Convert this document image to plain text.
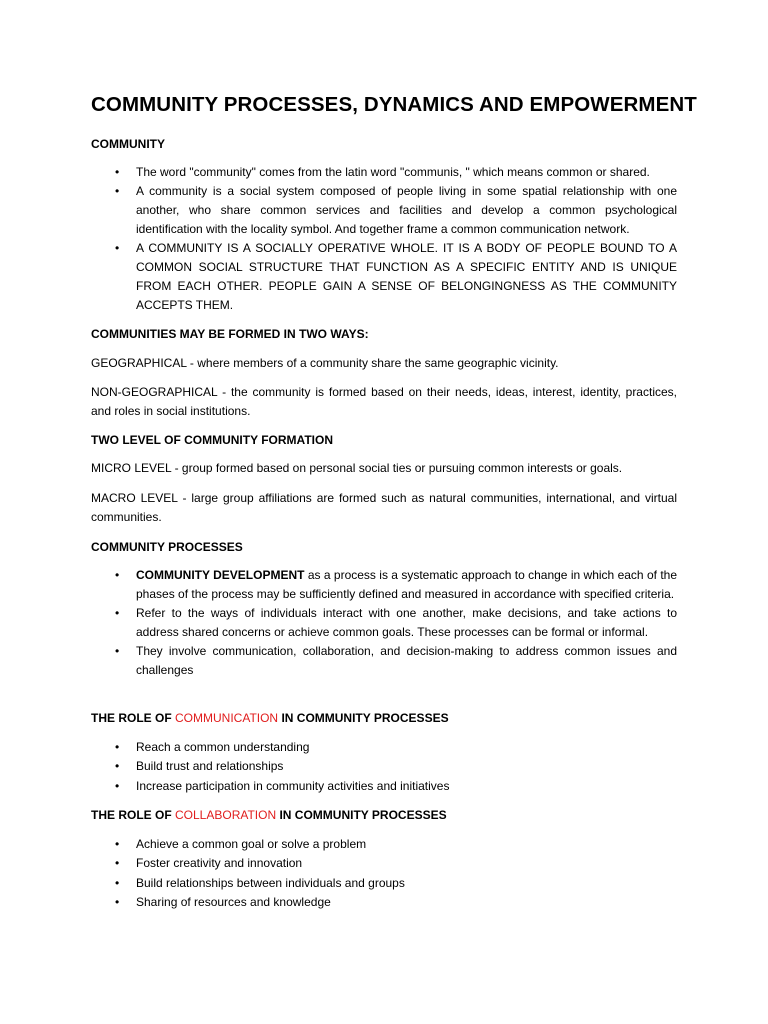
COMMUNITY PROCESSES, DYNAMICS AND EMPOWERMENT
COMMUNITY
• The word "community" comes from the latin word "communis, " which means common or shared.
• A community is a social system composed of people living in some spatial relationship with one another, who share common services and facilities and develop a common psychological identification with the locality symbol. And together frame a common communication network.
• A COMMUNITY IS A SOCIALLY OPERATIVE WHOLE. IT IS A BODY OF PEOPLE BOUND TO A COMMON SOCIAL STRUCTURE THAT FUNCTION AS A SPECIFIC ENTITY AND IS UNIQUE FROM EACH OTHER. PEOPLE GAIN A SENSE OF BELONGINGNESS AS THE COMMUNITY ACCEPTS THEM.
COMMUNITIES MAY BE FORMED IN TWO WAYS:
GEOGRAPHICAL - where members of a community share the same geographic vicinity.
NON-GEOGRAPHICAL - the community is formed based on their needs, ideas, interest, identity, practices, and roles in social institutions.
TWO LEVEL OF COMMUNITY FORMATION
MICRO LEVEL - group formed based on personal social ties or pursuing common interests or goals.
MACRO LEVEL - large group affiliations are formed such as natural communities, international, and virtual communities.
COMMUNITY PROCESSES
• COMMUNITY DEVELOPMENT as a process is a systematic approach to change in which each of the phases of the process may be sufficiently defined and measured in accordance with specified criteria.
• Refer to the ways of individuals interact with one another, make decisions, and take actions to address shared concerns or achieve common goals. These processes can be formal or informal.
• They involve communication, collaboration, and decision-making to address common issues and challenges
THE ROLE OF COMMUNICATION IN COMMUNITY PROCESSES
• Reach a common understanding
• Build trust and relationships
• Increase participation in community activities and initiatives
THE ROLE OF COLLABORATION IN COMMUNITY PROCESSES
• Achieve a common goal or solve a problem
• Foster creativity and innovation
• Build relationships between individuals and groups
• Sharing of resources and knowledge
